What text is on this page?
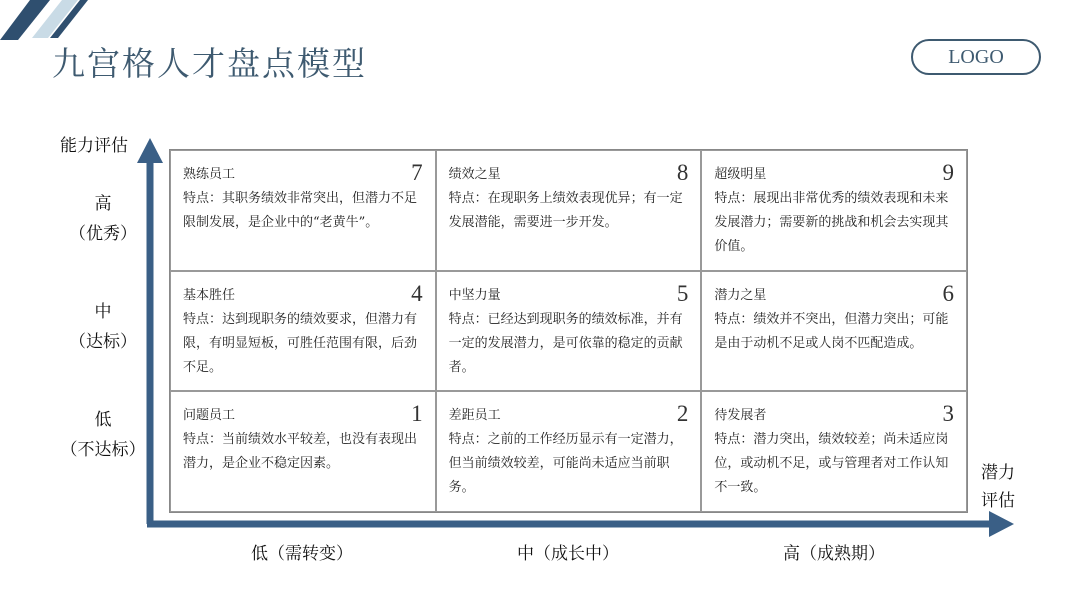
九宫格人才盘点模型	LOGO
能力评估
潜力评估
高
（优秀）
中
（达标）
低
（不达标）
低（需转变）	中（成长中）	高（成熟期）
7
熟练员工
特点：其职务绩效非常突出，但潜力不足限制发展，是企业中的“老黄牛”。
8
绩效之星
特点：在现职务上绩效表现优异；有一定发展潜能，需要进一步开发。
9
超级明星
特点：展现出非常优秀的绩效表现和未来发展潜力；需要新的挑战和机会去实现其价值。
4
基本胜任
特点：达到现职务的绩效要求，但潜力有限，有明显短板，可胜任范围有限，后劲不足。
5
中坚力量
特点：已经达到现职务的绩效标准，并有一定的发展潜力，是可依靠的稳定的贡献者。
6
潜力之星
特点：绩效并不突出，但潜力突出；可能是由于动机不足或人岗不匹配造成。
1
问题员工
特点：当前绩效水平较差，也没有表现出潜力，是企业不稳定因素。
2
差距员工
特点：之前的工作经历显示有一定潜力，但当前绩效较差，可能尚未适应当前职务。
3
待发展者
特点：潜力突出，绩效较差；尚未适应岗位，或动机不足，或与管理者对工作认知不一致。
